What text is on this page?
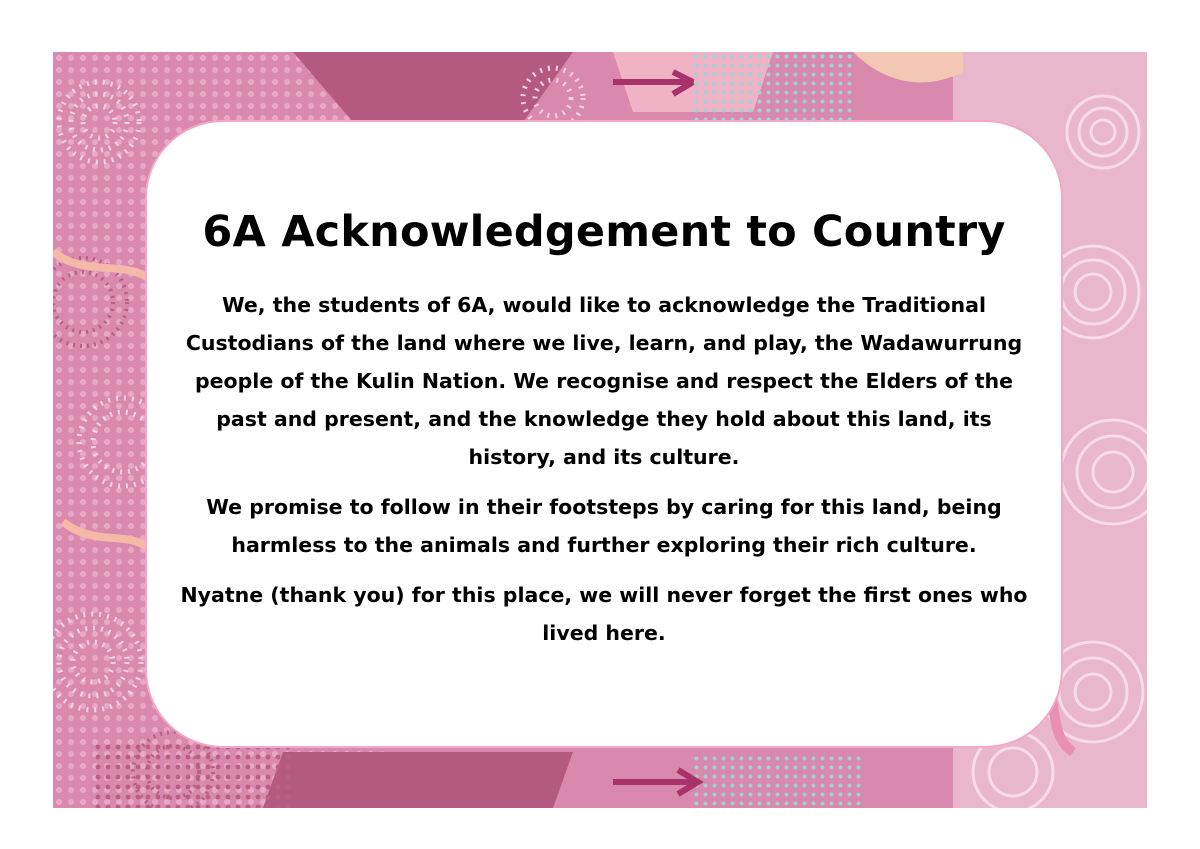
6A Acknowledgement to Country

We, the students of 6A, would like to acknowledge the Traditional Custodians of the land where we live, learn, and play, the Wadawurrung people of the Kulin Nation. We recognise and respect the Elders of the past and present, and the knowledge they hold about this land, its history, and its culture.

We promise to follow in their footsteps by caring for this land, being harmless to the animals and further exploring their rich culture.

Nyatne (thank you) for this place, we will never forget the first ones who lived here.
